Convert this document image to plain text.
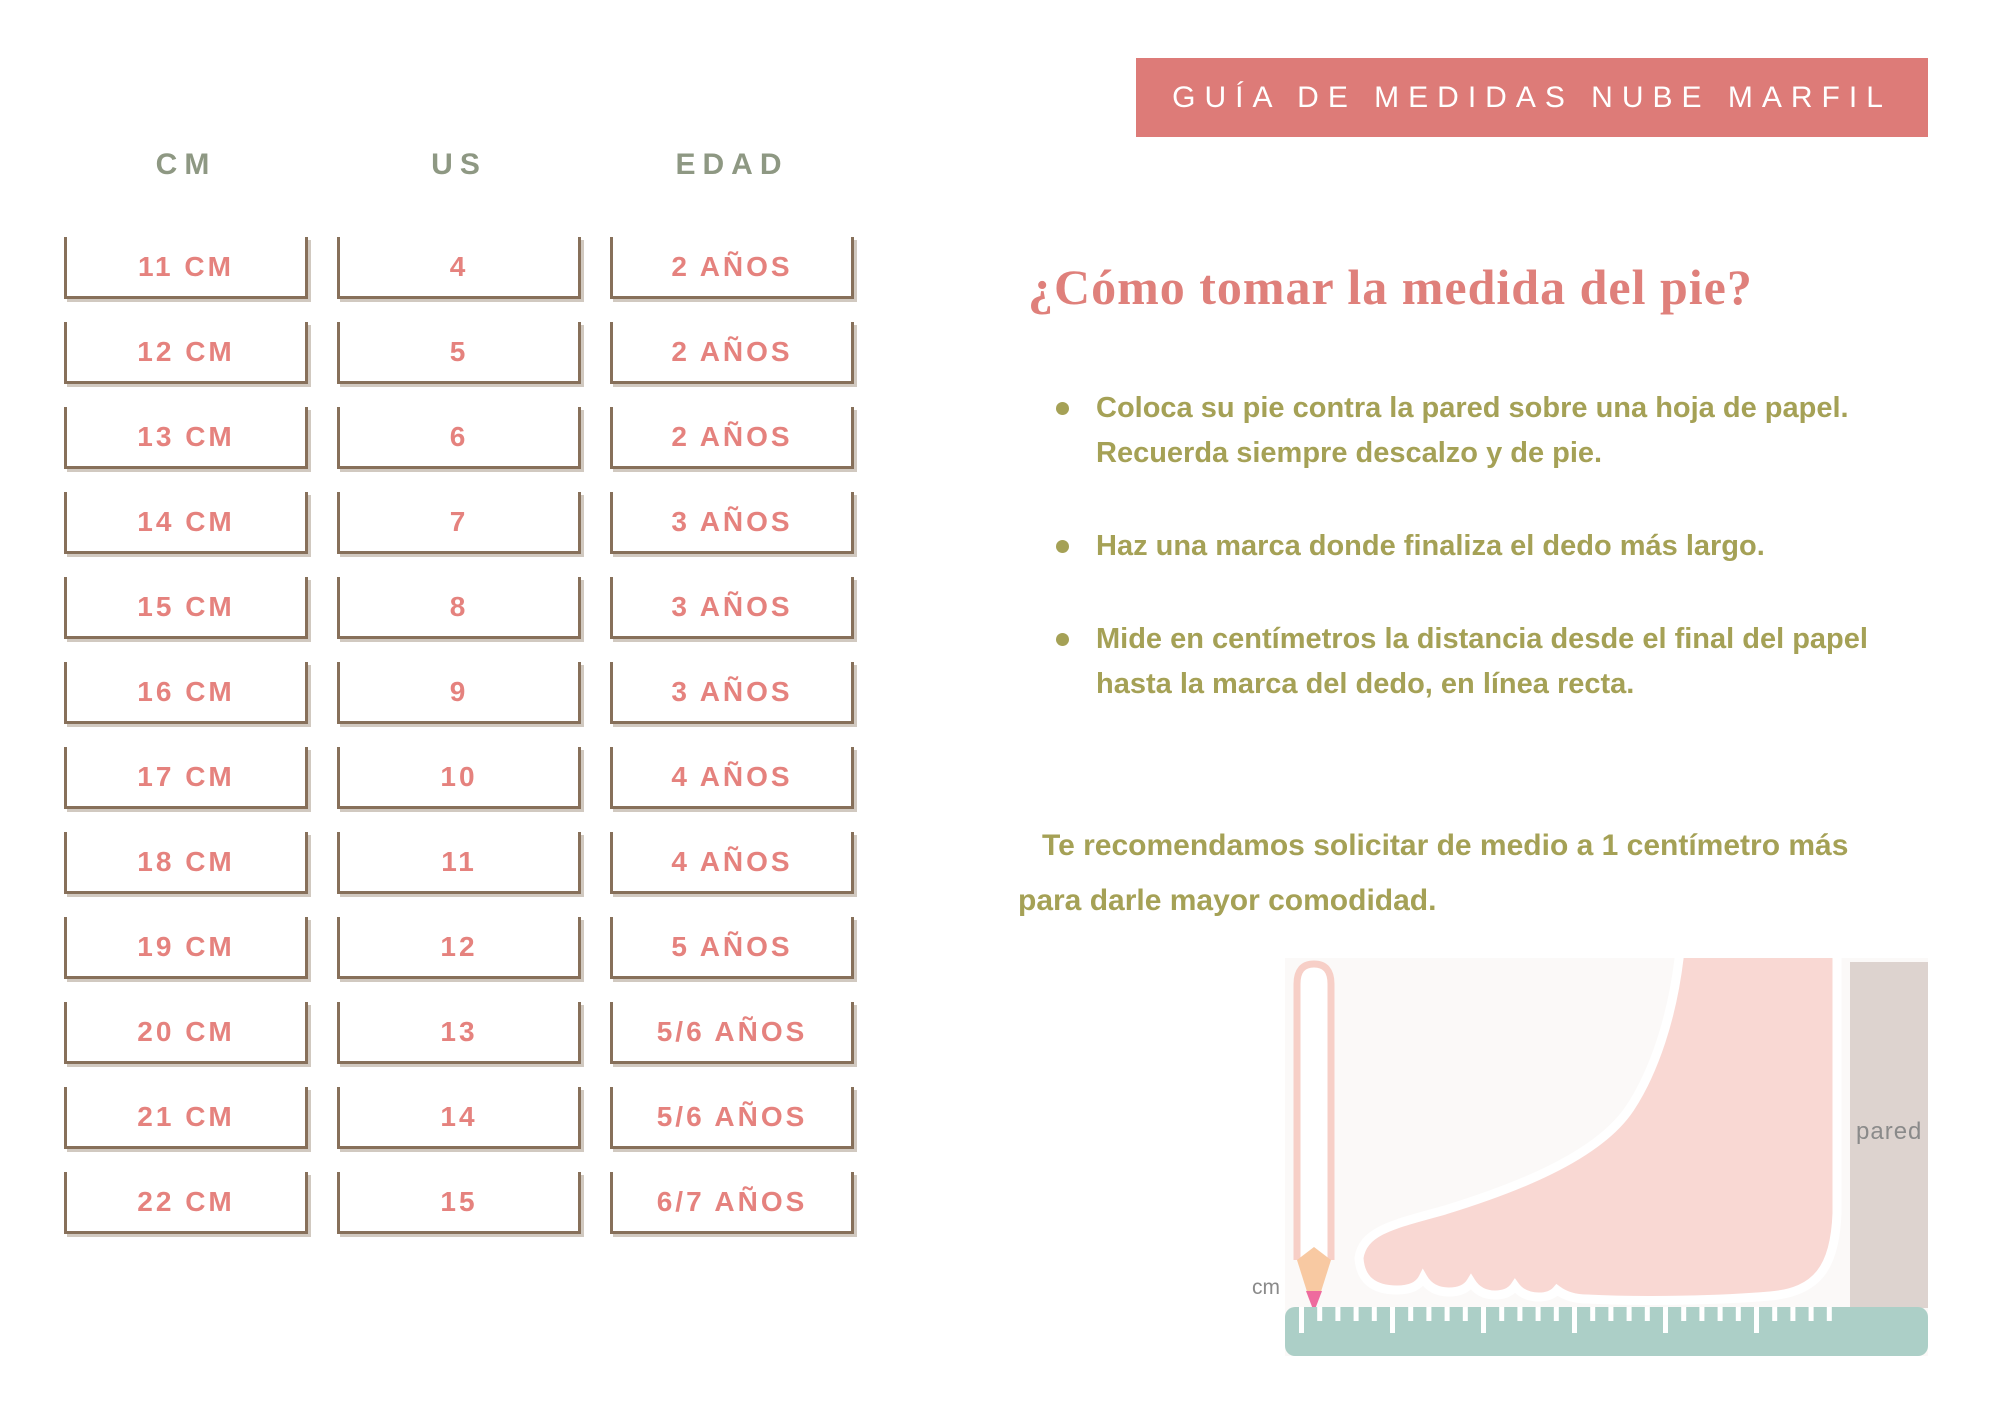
CM	US	EDAD
11 CM	4	2 AÑOS
12 CM	5	2 AÑOS
13 CM	6	2 AÑOS
14 CM	7	3 AÑOS
15 CM	8	3 AÑOS
16 CM	9	3 AÑOS
17 CM	10	4 AÑOS
18 CM	11	4 AÑOS
19 CM	12	5 AÑOS
20 CM	13	5/6 AÑOS
21 CM	14	5/6 AÑOS
22 CM	15	6/7 AÑOS
GUÍA DE MEDIDAS NUBE MARFIL
¿Cómo tomar la medida del pie?
Coloca su pie contra la pared sobre una hoja de papel. Recuerda siempre descalzo y de pie.
Haz una marca donde finaliza el dedo más largo.
Mide en centímetros la distancia desde el final del papel hasta la marca del dedo, en línea recta.

Te recomendamos solicitar de medio a 1 centímetro más para darle mayor comodidad.

cm
pared
